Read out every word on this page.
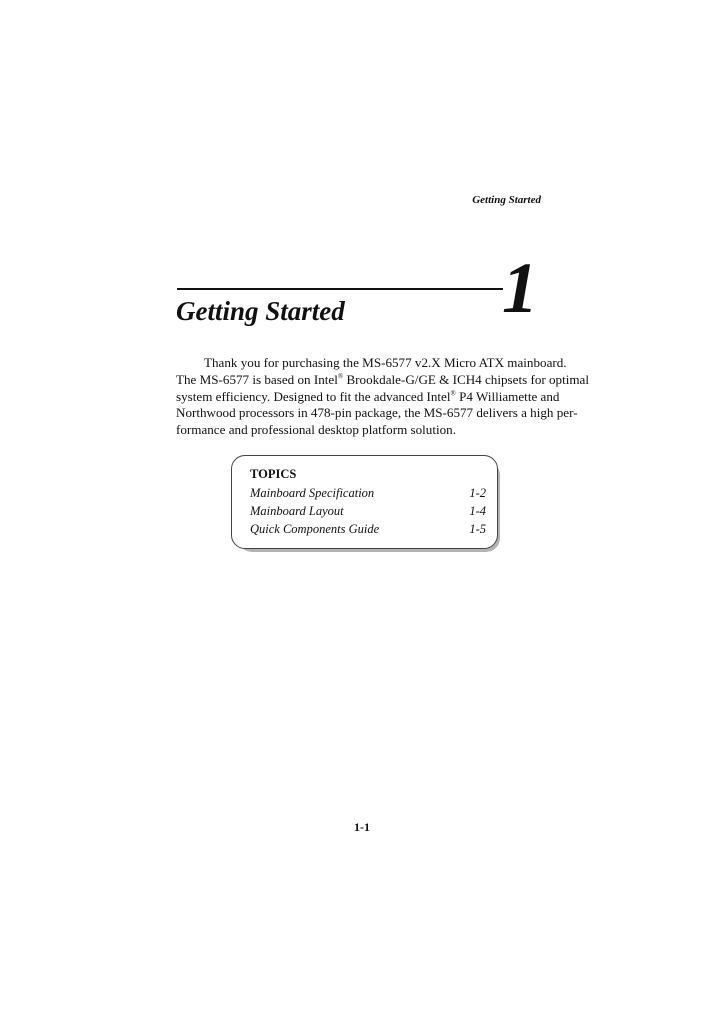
Getting Started
1
Getting Started

Thank you for purchasing the MS-6577 v2.X Micro ATX mainboard.
The MS-6577 is based on Intel® Brookdale-G/GE & ICH4 chipsets for optimal
system efficiency. Designed to fit the advanced Intel® P4 Williamette and
Northwood processors in 478-pin package, the MS-6577 delivers a high per-
formance and professional desktop platform solution.

TOPICS
Mainboard Specification	1-2
Mainboard Layout	1-4
Quick Components Guide	1-5
1-1
